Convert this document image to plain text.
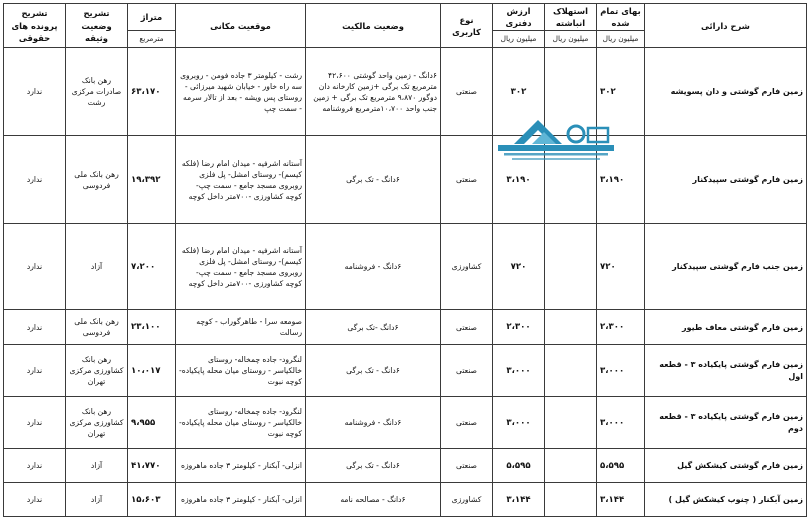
شرح دارائی	بهای تمام شده	استهلاک انباشته	ارزش دفتری	نوع کاربری	وضعیت مالکیت	موقعیت مکانی	متراژ	تشریح وضعیت وثیقه	تشریح پرونده های حقوقی
	میلیون ریال	میلیون ریال	میلیون ریال				مترمربع		
زمین فارم گوشتی و دان پسویشه	۳۰۲		۳۰۲	صنعتی	۶دانگ - زمین واحد گوشتی ۴۲،۶۰۰ مترمربع تک برگی +زمین کارخانه دان دوگور ۹،۸۷۰ مترمربع تک برگی + زمین جنب واحد ۱۰،۷۰۰مترمربع فروشنامه	رشت - کیلومتر ۳ جاده فومن - روبروی سه راه خاور - خیابان شهید میرزائی - روستای پس ویشه - بعد از تالار سرمه - سمت چپ	۶۳،۱۷۰	رهن بانک صادرات مرکزی رشت	ندارد
زمین فارم گوشتی سپیدکنار	۳،۱۹۰		۳،۱۹۰	صنعتی	۶دانگ - تک برگی	آستانه اشرفیه - میدان امام رضا (فلکه کیسم)- روستای امشل- پل فلزی روبروی مسجد جامع - سمت چپ- کوچه کشاورزی -۷۰۰متر داخل کوچه	۱۹،۳۹۲	رهن بانک ملی فردوسی	ندارد
زمین جنب فارم گوشتی سپیدکنار	۷۲۰		۷۲۰	کشاورزی	۶دانگ - فروشنامه	آستانه اشرفیه - میدان امام رضا (فلکه کیسم)- روستای امشل- پل فلزی روبروی مسجد جامع - سمت چپ- کوچه کشاورزی -۷۰۰متر داخل کوچه	۷،۲۰۰	آزاد	ندارد
زمین فارم گوشتی معاف طیور	۲،۳۰۰		۲،۳۰۰	صنعتی	۶دانگ -تک برگی	صومعه سرا - طاهرگوراب - کوچه رسالت	۲۳،۱۰۰	رهن بانک ملی فردوسی	ندارد
زمین فارم گوشتی پایکیاده ۳ - قطعه اول	۳،۰۰۰		۳،۰۰۰	صنعتی	۶دانگ - تک برگی	لنگرود- جاده چمخاله- روستای خالکیاسر - روستای میان محله پایکیاده- کوچه نبوت	۱۰،۰۱۷	رهن بانک کشاورزی مرکزی تهران	ندارد
زمین فارم گوشتی پایکیاده ۳ - قطعه دوم	۳،۰۰۰		۳،۰۰۰	صنعتی	۶دانگ - فروشنامه	لنگرود- جاده چمخاله- روستای خالکیاسر - روستای میان محله پایکیاده- کوچه نبوت	۹،۹۵۵	رهن بانک کشاورزی مرکزی تهران	ندارد
زمین فارم گوشتی کیشکش گیل	۵،۵۹۵		۵،۵۹۵	صنعتی	۶دانگ - تک برگی	انزلی- آبکنار - کیلومتر ۳ جاده ماهروزه	۴۱،۷۷۰	آزاد	ندارد
زمین آبکنار ( چنوب کیشکش گیل )	۳،۱۴۴		۳،۱۴۴	کشاورزی	۶دانگ - مصالحه نامه	انزلی- آبکنار - کیلومتر ۳ جاده ماهروزه	۱۵،۶۰۳	آزاد	ندارد
